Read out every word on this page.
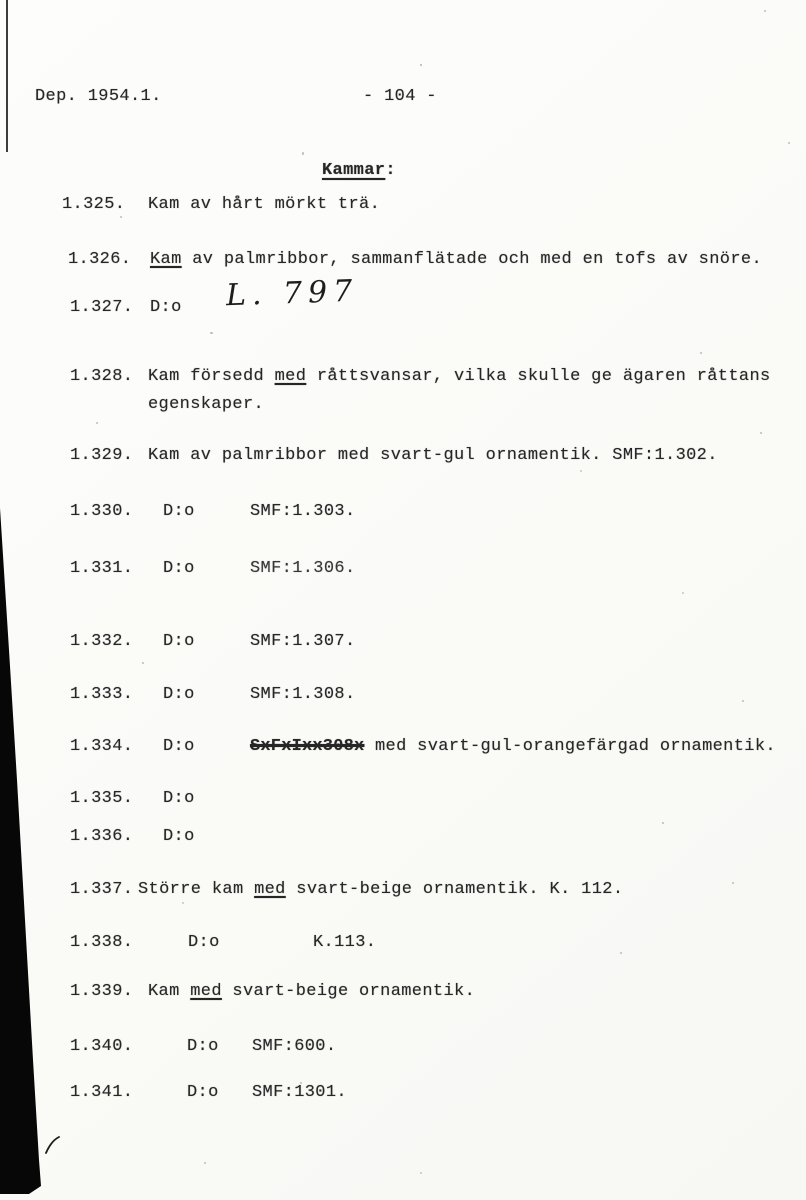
Dep. 1954.1.	- 104 -
Kammar:
1.325. Kam av hårt mörkt trä.
1.326. Kam av palmribbor, sammanflätade och med en tofs av snöre.
1.327. D:o L. 797
1.328. Kam försedd med råttsvansar, vilka skulle ge ägaren råttans
egenskaper.
1.329. Kam av palmribbor med svart-gul ornamentik. SMF:1.302.
1.330. D:o	SMF:1.303.
1.331. D:o	SMF:1.306.
1.332. D:o	SMF:1.307.
1.333. D:o	SMF:1.308.
1.334. D:o	SxFxIxx308x med svart-gul-orangefärgad ornamentik.
1.335. D:o
1.336. D:o
1.337. Större kam med svart-beige ornamentik. K. 112.
1.338.	D:o	K.113.
1.339. Kam med svart-beige ornamentik.
1.340.	D:o SMF:600.
1.341.	D:o SMF:1301.
